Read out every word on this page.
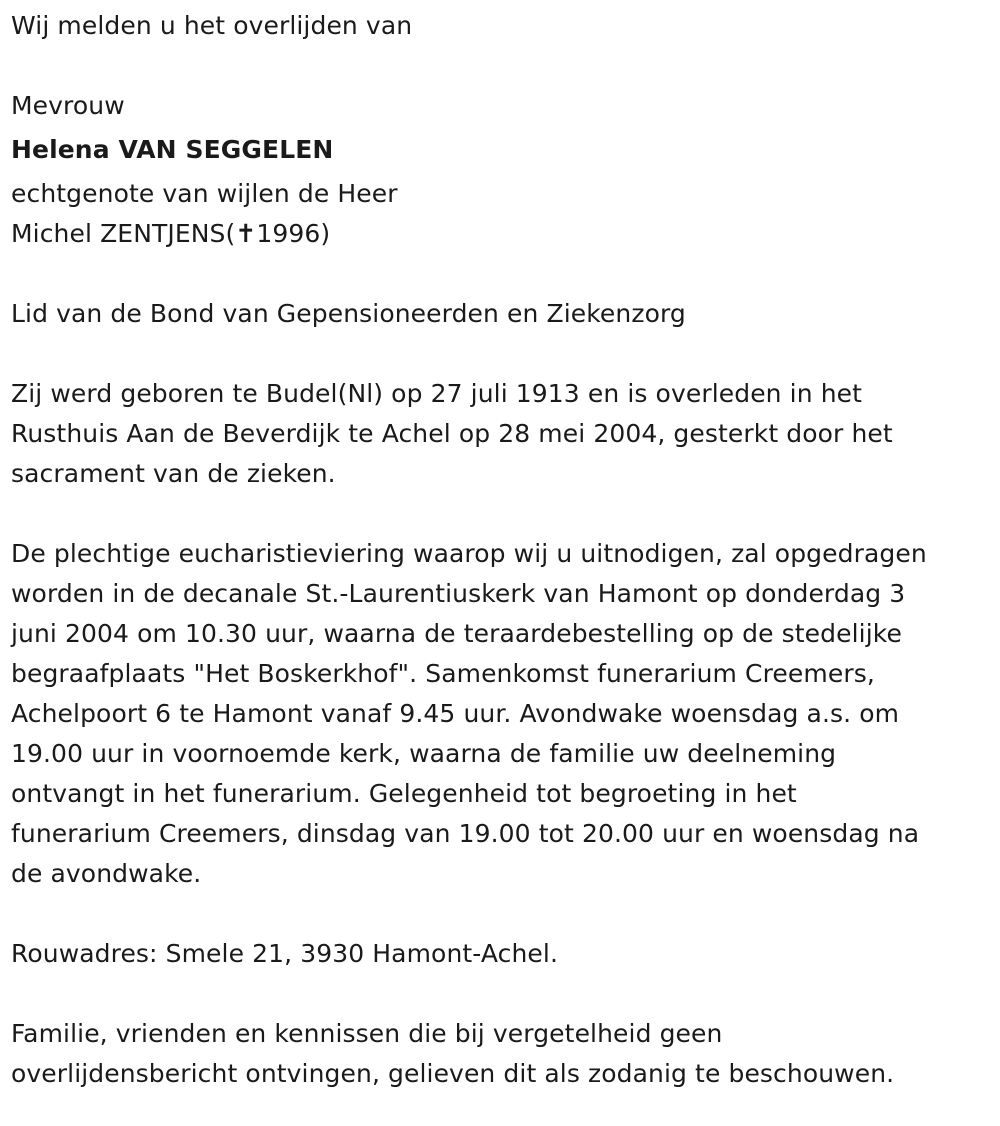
Wij melden u het overlijden van
Mevrouw
Helena VAN SEGGELEN
echtgenote van wijlen de Heer
Michel ZENTJENS(✝1996)
Lid van de Bond van Gepensioneerden en Ziekenzorg
Zij werd geboren te Budel(Nl) op 27 juli 1913 en is overleden in het
Rusthuis Aan de Beverdijk te Achel op 28 mei 2004, gesterkt door het
sacrament van de zieken.
De plechtige eucharistieviering waarop wij u uitnodigen, zal opgedragen
worden in de decanale St.-Laurentiuskerk van Hamont op donderdag 3
juni 2004 om 10.30 uur, waarna de teraardebestelling op de stedelijke
begraafplaats "Het Boskerkhof". Samenkomst funerarium Creemers,
Achelpoort 6 te Hamont vanaf 9.45 uur. Avondwake woensdag a.s. om
19.00 uur in voornoemde kerk, waarna de familie uw deelneming
ontvangt in het funerarium. Gelegenheid tot begroeting in het
funerarium Creemers, dinsdag van 19.00 tot 20.00 uur en woensdag na
de avondwake.
Rouwadres: Smele 21, 3930 Hamont-Achel.
Familie, vrienden en kennissen die bij vergetelheid geen
overlijdensbericht ontvingen, gelieven dit als zodanig te beschouwen.
